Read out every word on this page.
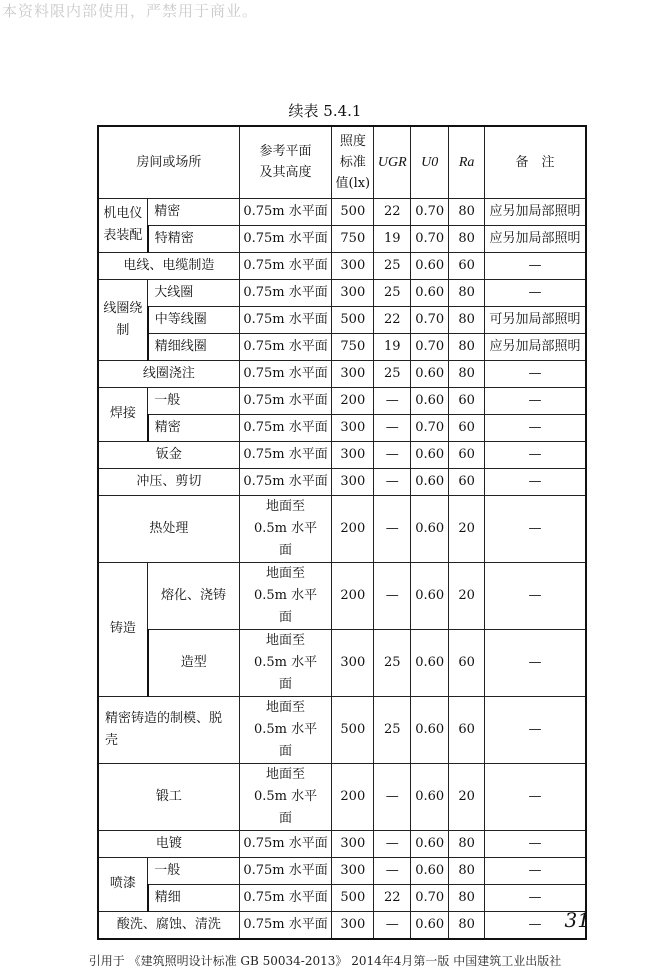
本资料限内部使用，严禁用于商业。
续表 5.4.1
房间或场所		参考平面及其高度	照度标准值(lx)	UGR	U0	Ra	备　注
机电仪表装配	精密	0.75m 水平面	500	22	0.70	80	应另加局部照明
	特精密	0.75m 水平面	750	19	0.70	80	应另加局部照明
电线、电缆制造		0.75m 水平面	300	25	0.60	60	—
线圈绕制	大线圈	0.75m 水平面	300	25	0.60	80	—
	中等线圈	0.75m 水平面	500	22	0.70	80	可另加局部照明
	精细线圈	0.75m 水平面	750	19	0.70	80	应另加局部照明
线圈浇注		0.75m 水平面	300	25	0.60	80	—
焊接	一般	0.75m 水平面	200	—	0.60	60	—
	精密	0.75m 水平面	300	—	0.70	60	—
钣金		0.75m 水平面	300	—	0.60	60	—
冲压、剪切		0.75m 水平面	300	—	0.60	60	—
热处理		地面至 0.5m 水平面	200	—	0.60	20	—
铸造	熔化、浇铸	地面至 0.5m 水平面	200	—	0.60	20	—
	造型	地面至 0.5m 水平面	300	25	0.60	60	—
精密铸造的制模、脱壳		地面至 0.5m 水平面	500	25	0.60	60	—
锻工		地面至 0.5m 水平面	200	—	0.60	20	—
电镀		0.75m 水平面	300	—	0.60	80	—
喷漆	一般	0.75m 水平面	300	—	0.60	80	—
	精细	0.75m 水平面	500	22	0.70	80	—
酸洗、腐蚀、清洗		0.75m 水平面	300	—	0.60	80	— 31
引用于 《建筑照明设计标准 GB 50034-2013》 2014年4月第一版 中国建筑工业出版社
